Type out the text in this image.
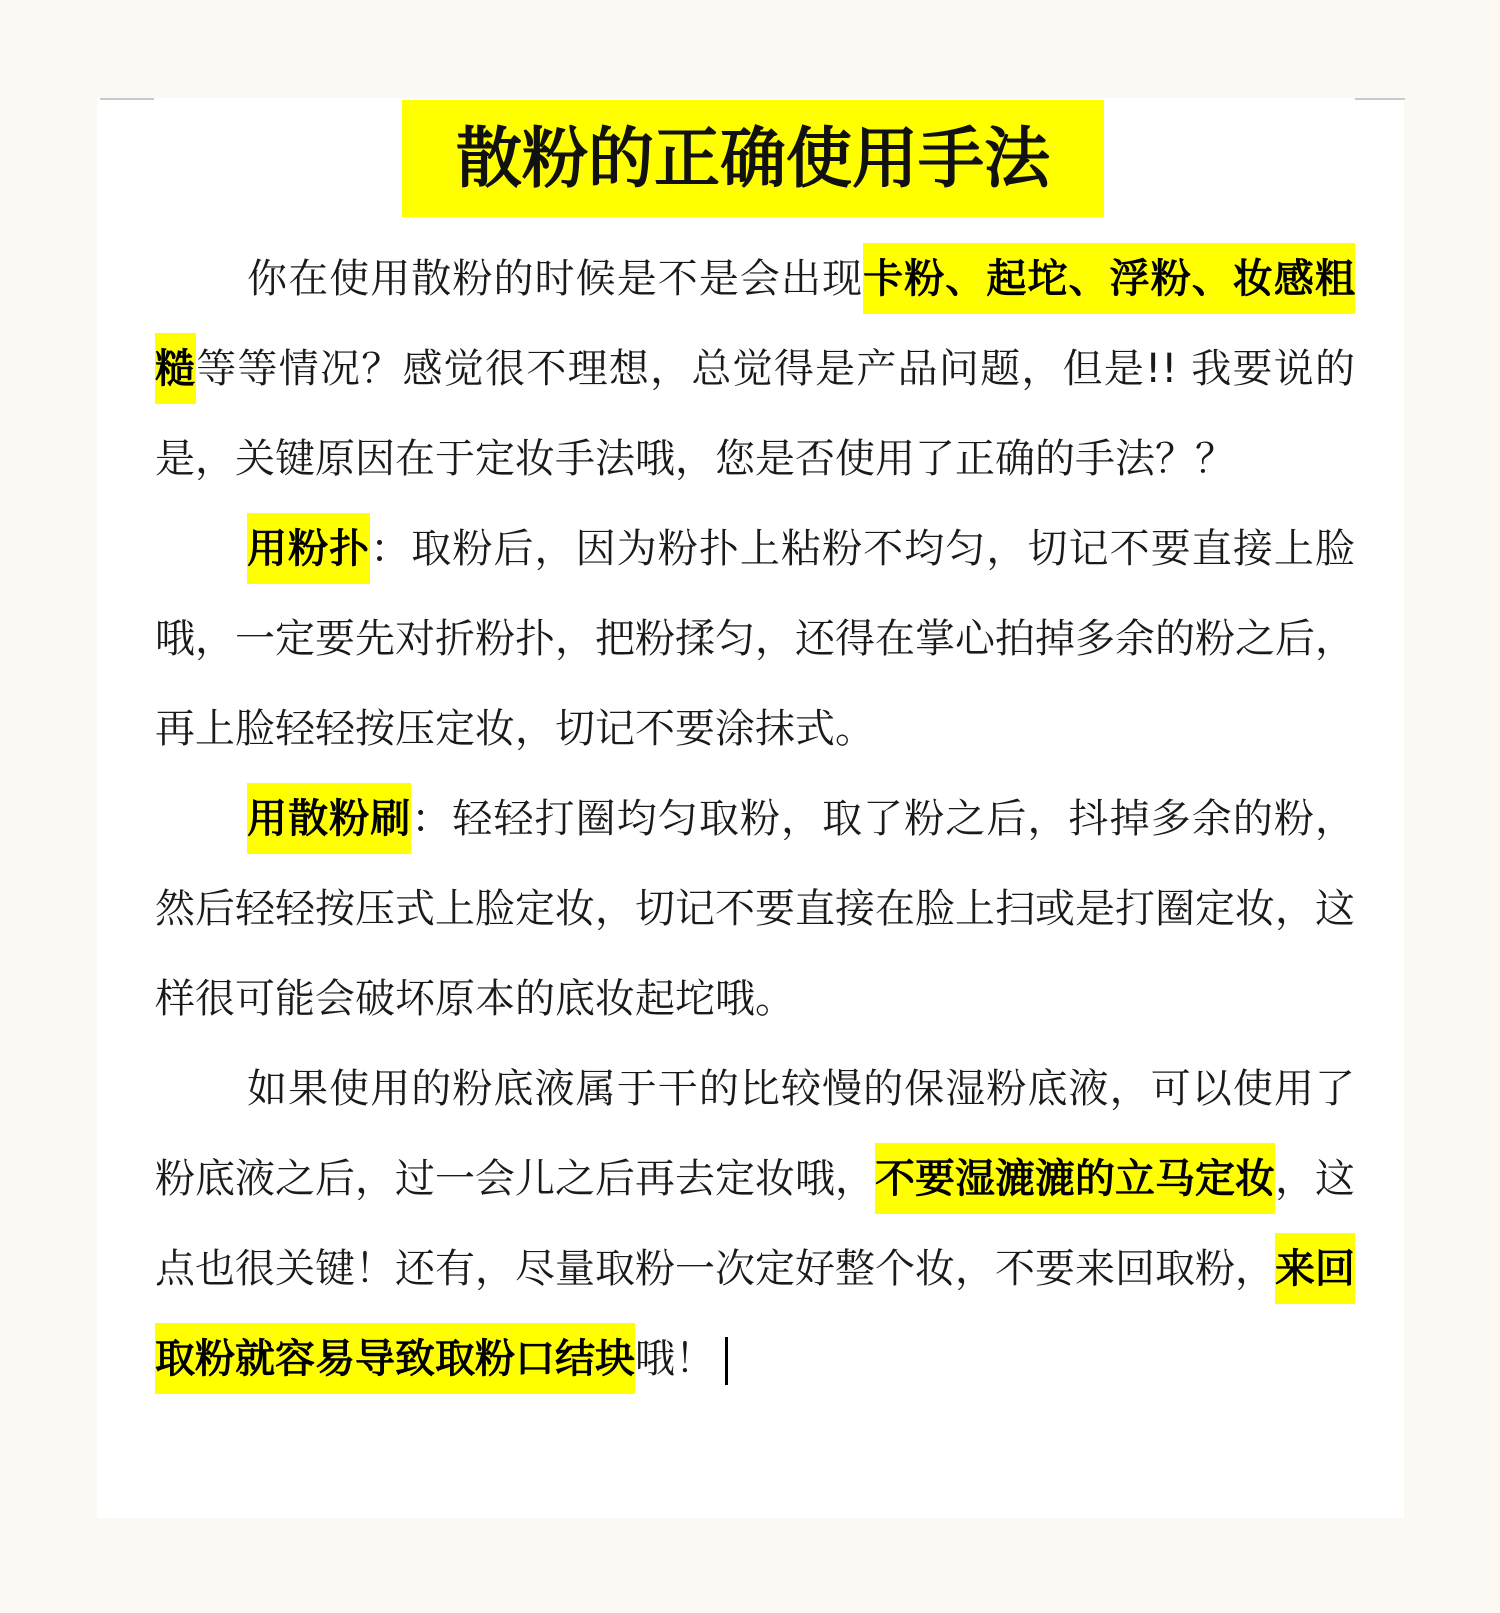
散粉的正确使用手法

你在使用散粉的时候是不是会出现卡粉、起坨、浮粉、妆感粗糙等等情况？感觉很不理想，总觉得是产品问题，但是!! 我要说的是，关键原因在于定妆手法哦，您是否使用了正确的手法？？

用粉扑：取粉后，因为粉扑上粘粉不均匀，切记不要直接上脸哦，一定要先对折粉扑，把粉揉匀，还得在掌心拍掉多余的粉之后，再上脸轻轻按压定妆，切记不要涂抹式。

用散粉刷：轻轻打圈均匀取粉，取了粉之后，抖掉多余的粉，然后轻轻按压式上脸定妆，切记不要直接在脸上扫或是打圈定妆，这样很可能会破坏原本的底妆起坨哦。

如果使用的粉底液属于干的比较慢的保湿粉底液，可以使用了粉底液之后，过一会儿之后再去定妆哦，不要湿漉漉的立马定妆，这点也很关键！还有，尽量取粉一次定好整个妆，不要来回取粉，来回取粉就容易导致取粉口结块哦！
